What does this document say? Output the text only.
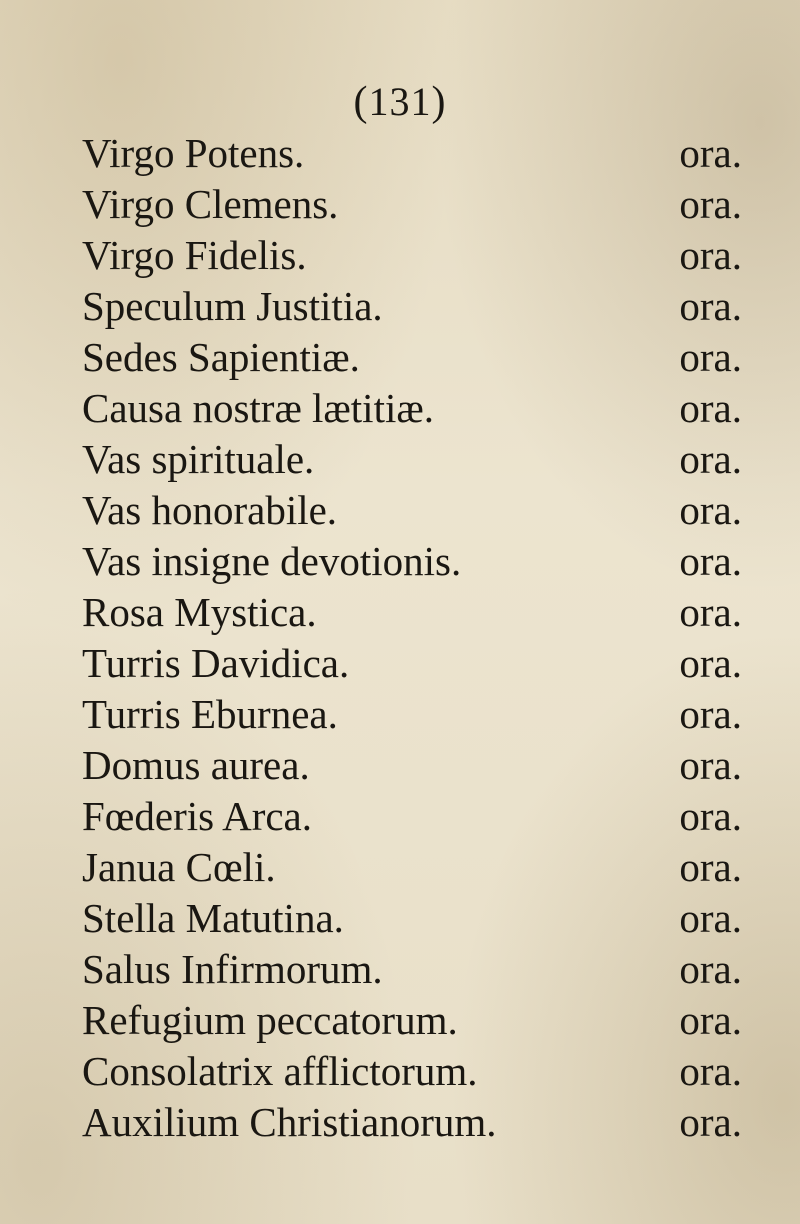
(131)
Virgo Potens.	ora.
Virgo Clemens.	ora.
Virgo Fidelis.	ora.
Speculum Justitia.	ora.
Sedes Sapientiæ.	ora.
Causa nostræ lætitiæ.	ora.
Vas spirituale.	ora.
Vas honorabile.	ora.
Vas insigne devotionis.	ora.
Rosa Mystica.	ora.
Turris Davidica.	ora.
Turris Eburnea.	ora.
Domus aurea.	ora.
Fœderis Arca.	ora.
Janua Cœli.	ora.
Stella Matutina.	ora.
Salus Infirmorum.	ora.
Refugium peccatorum.	ora.
Consolatrix afflictorum.	ora.
Auxilium Christianorum.	ora.
